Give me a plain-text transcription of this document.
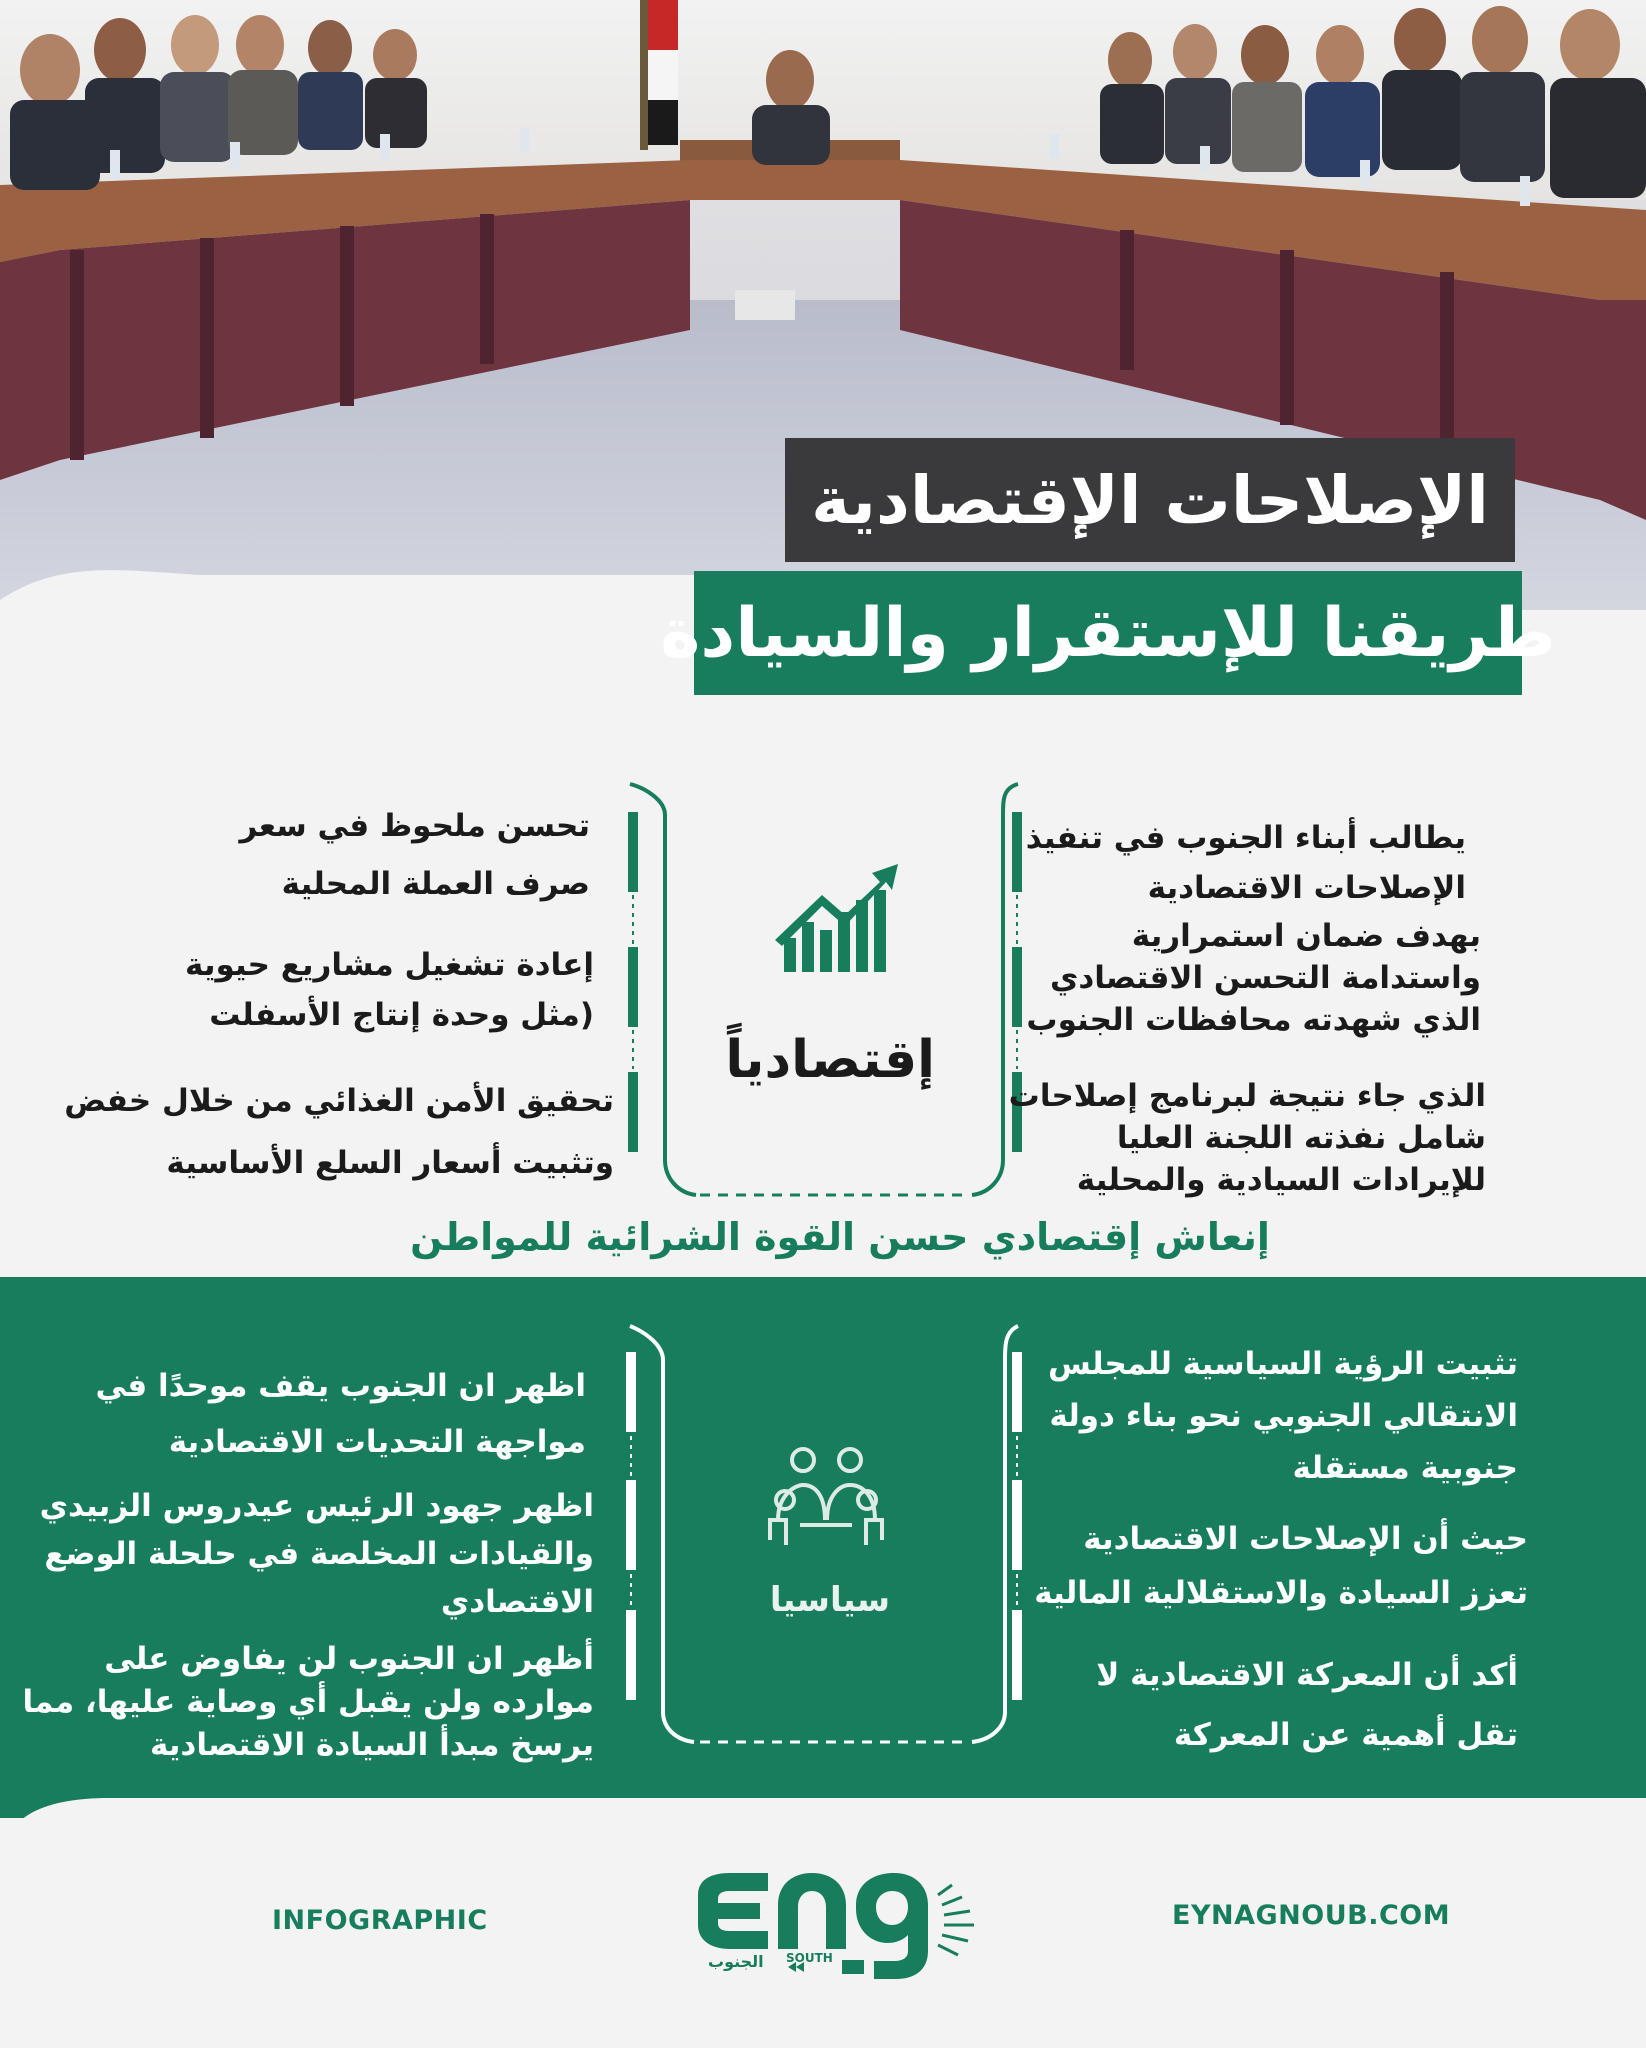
الإصلاحات الإقتصادية
طريقنا للإستقرار والسيادة
إقتصادياً

يطالب أبناء الجنوب في تنفيذ

الإصلاحات الاقتصادية

بهدف ضمان استمرارية

واستدامة التحسن الاقتصادي

الذي شهدته محافظات الجنوب

الذي جاء نتيجة لبرنامج إصلاحات

شامل نفذته اللجنة العليا

للإيرادات السيادية والمحلية

تحسن ملحوظ في سعر

صرف العملة المحلية

إعادة تشغيل مشاريع حيوية

(مثل وحدة إنتاج الأسفلت

تحقيق الأمن الغذائي من خلال خفض

وتثبيت أسعار السلع الأساسية

إنعاش إقتصادي حسن القوة الشرائية للمواطن
سياسيا

تثبيت الرؤية السياسية للمجلس

الانتقالي الجنوبي نحو بناء دولة

جنوبية مستقلة

حيث أن الإصلاحات الاقتصادية

تعزز السيادة والاستقلالية المالية

أكد أن المعركة الاقتصادية لا

تقل أهمية عن المعركة

اظهر ان الجنوب يقف موحدًا في

مواجهة التحديات الاقتصادية

اظهر جهود الرئيس عيدروس الزبيدي

والقيادات المخلصة في حلحلة الوضع

الاقتصادي

أظهر ان الجنوب لن يفاوض على

موارده ولن يقبل أي وصاية عليها، مما

يرسخ مبدأ السيادة الاقتصادية

INFOGRAPHIC	EYNAGNOUB.COM
الجنوب SOUTH
